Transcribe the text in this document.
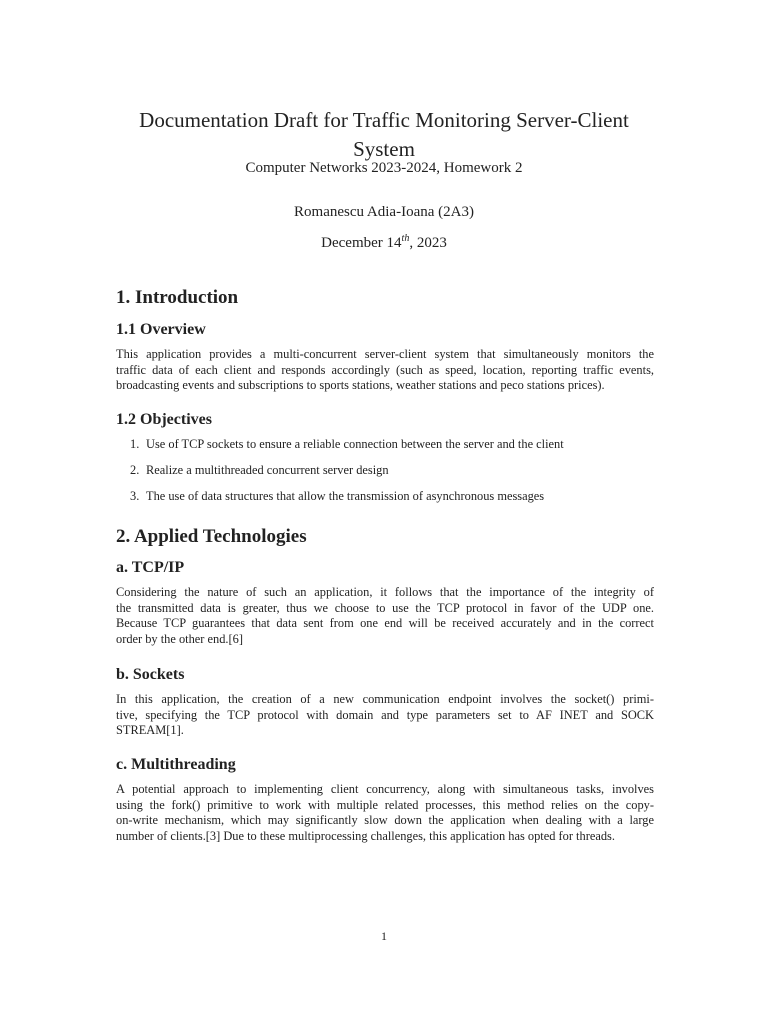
Documentation Draft for Traffic Monitoring Server-Client
System
Computer Networks 2023-2024, Homework 2
Romanescu Adia-Ioana (2A3)
December 14th, 2023
1. Introduction
1.1 Overview
This application provides a multi-concurrent server-client system that simultaneously monitors the
traffic data of each client and responds accordingly (such as speed, location, reporting traffic events,
broadcasting events and subscriptions to sports stations, weather stations and peco stations prices).
1.2 Objectives
1. Use of TCP sockets to ensure a reliable connection between the server and the client
2. Realize a multithreaded concurrent server design
3. The use of data structures that allow the transmission of asynchronous messages
2. Applied Technologies
a. TCP/IP
Considering the nature of such an application, it follows that the importance of the integrity of
the transmitted data is greater, thus we choose to use the TCP protocol in favor of the UDP one.
Because TCP guarantees that data sent from one end will be received accurately and in the correct
order by the other end.[6]
b. Sockets
In this application, the creation of a new communication endpoint involves the socket() primi-
tive, specifying the TCP protocol with domain and type parameters set to AF INET and SOCK
STREAM[1].
c. Multithreading
A potential approach to implementing client concurrency, along with simultaneous tasks, involves
using the fork() primitive to work with multiple related processes, this method relies on the copy-
on-write mechanism, which may significantly slow down the application when dealing with a large
number of clients.[3] Due to these multiprocessing challenges, this application has opted for threads.
1
